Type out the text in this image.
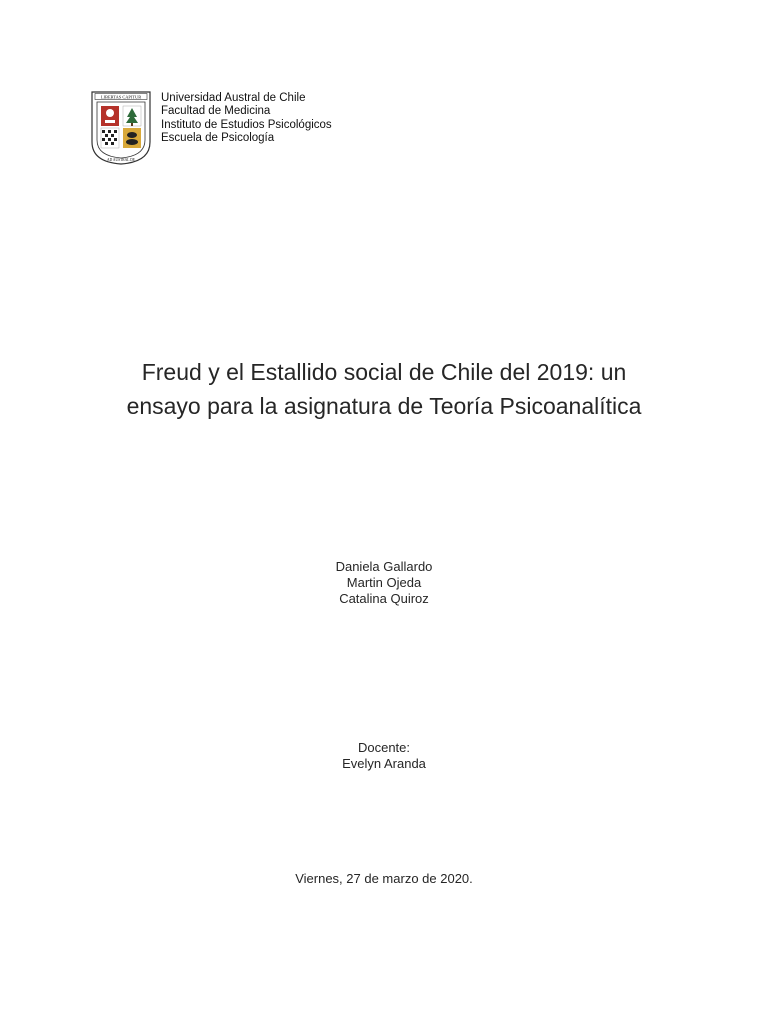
LIBERTAS CAPITUR
AD AUSTRAL DE
Universidad Austral de Chile
Facultad de Medicina
Instituto de Estudios Psicológicos
Escuela de Psicología
Freud y el Estallido social de Chile del 2019: un
ensayo para la asignatura de Teoría Psicoanalítica
Daniela Gallardo
Martin Ojeda
Catalina Quiroz
Docente:
Evelyn Aranda
Viernes, 27 de marzo de 2020.
